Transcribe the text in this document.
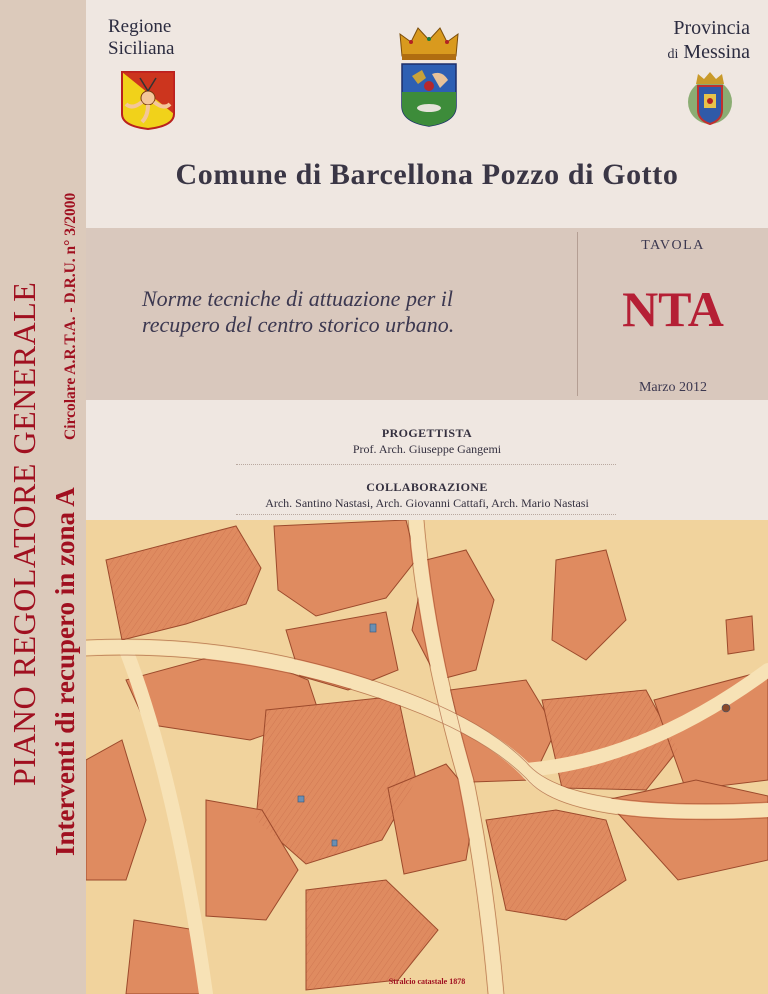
PIANO REGOLATORE GENERALE Interventi di recupero in zona A
Circolare A.R.T.A. - D.R.U. n° 3/2000
Regione
Siciliana
Provincia
di Messina
Comune di Barcellona Pozzo di Gotto
Norme tecniche di attuazione per il
recupero del centro storico urbano.
TAVOLA
NTA
Marzo 2012
PROGETTISTA
Prof. Arch. Giuseppe Gangemi
COLLABORAZIONE
Arch. Santino Nastasi, Arch. Giovanni Cattafi, Arch. Mario Nastasi
Stralcio catastale 1878
